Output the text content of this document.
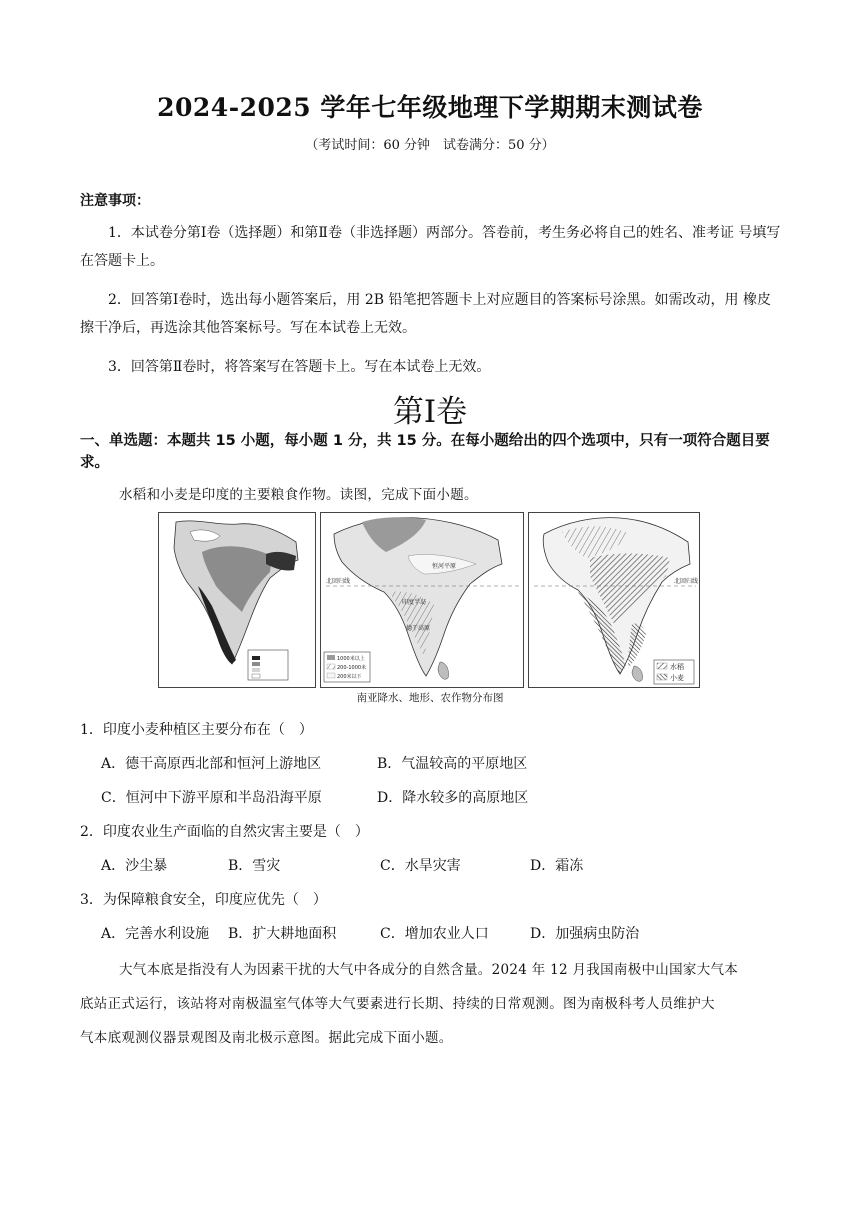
2024-2025 学年七年级地理下学期期末测试卷
（考试时间：60 分钟　试卷满分：50 分）
注意事项：
1．本试卷分第Ⅰ卷（选择题）和第Ⅱ卷（非选择题）两部分。答卷前，考生务必将自己的姓名、准考证 号填写在答题卡上。
2．回答第Ⅰ卷时，选出每小题答案后，用 2B 铅笔把答题卡上对应题目的答案标号涂黑。如需改动，用 橡皮擦干净后，再选涂其他答案标号。写在本试卷上无效。
3．回答第Ⅱ卷时，将答案写在答题卡上。写在本试卷上无效。
第Ⅰ卷
一、单选题：本题共 15 小题，每小题 1 分，共 15 分。在每小题给出的四个选项中，只有一项符合题目要求。
水稻和小麦是印度的主要粮食作物。读图，完成下面小题。
恒河平原
北回归线
印度半岛
德干高原
1000米以上
200-1000米
200米以下
北回归线
水稻
小麦
南亚降水、地形、农作物分布图
1．印度小麦种植区主要分布在（　）
A．德干高原西北部和恒河上游地区	B．气温较高的平原地区
C．恒河中下游平原和半岛沿海平原	D．降水较多的高原地区
2．印度农业生产面临的自然灾害主要是（　）
A．沙尘暴	B．雪灾	C．水旱灾害	D．霜冻
3．为保障粮食安全，印度应优先（　）
A．完善水利设施 B．扩大耕地面积	C．增加农业人口	D．加强病虫防治
大气本底是指没有人为因素干扰的大气中各成分的自然含量。2024 年 12 月我国南极中山国家大气本
底站正式运行，该站将对南极温室气体等大气要素进行长期、持续的日常观测。图为南极科考人员维护大
气本底观测仪器景观图及南北极示意图。据此完成下面小题。
